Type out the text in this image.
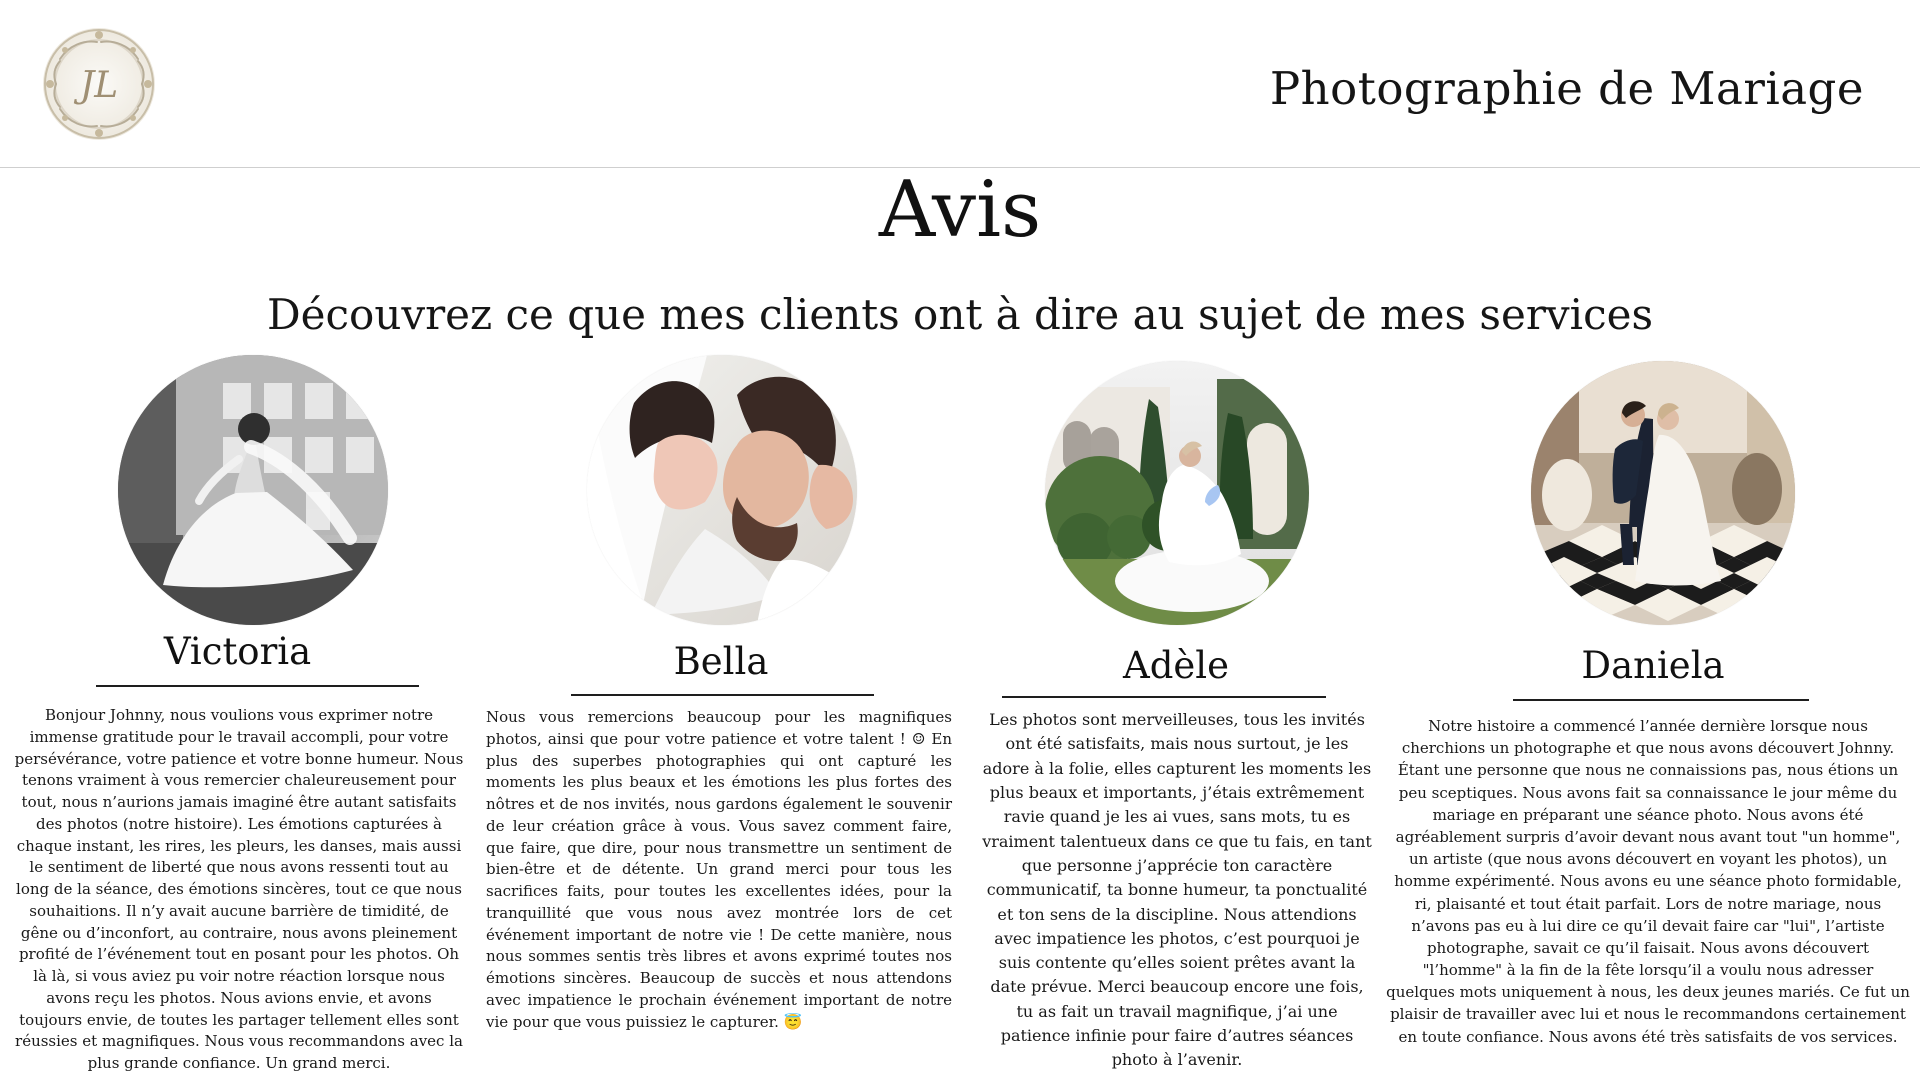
JL	Photographie de Mariage
Avis
Découvrez ce que mes clients ont à dire au sujet de mes services
Victoria

Bonjour Johnny, nous voulions vous exprimer notre immense gratitude pour le travail accompli, pour votre persévérance, votre patience et votre bonne humeur. Nous tenons vraiment à vous remercier chaleureusement pour tout, nous n’aurions jamais imaginé être autant satisfaits des photos (notre histoire). Les émotions capturées à chaque instant, les rires, les pleurs, les danses, mais aussi le sentiment de liberté que nous avons ressenti tout au long de la séance, des émotions sincères, tout ce que nous souhaitions. Il n’y avait aucune barrière de timidité, de gêne ou d’inconfort, au contraire, nous avons pleinement profité de l’événement tout en posant pour les photos. Oh là là, si vous aviez pu voir notre réaction lorsque nous avons reçu les photos. Nous avions envie, et avons toujours envie, de toutes les partager tellement elles sont réussies et magnifiques. Nous vous recommandons avec la plus grande confiance. Un grand merci.

Bella

Nous vous remercions beaucoup pour les magnifiques photos, ainsi que pour votre patience et votre talent ! ☺ En plus des superbes photographies qui ont capturé les moments les plus beaux et les émotions les plus fortes des nôtres et de nos invités, nous gardons également le souvenir de leur création grâce à vous. Vous savez comment faire, que faire, que dire, pour nous transmettre un sentiment de bien-être et de détente. Un grand merci pour tous les sacrifices faits, pour toutes les excellentes idées, pour la tranquillité que vous nous avez montrée lors de cet événement important de notre vie ! De cette manière, nous nous sommes sentis très libres et avons exprimé toutes nos émotions sincères. Beaucoup de succès et nous attendons avec impatience le prochain événement important de notre vie pour que vous puissiez le capturer. 😇

Adèle

Les photos sont merveilleuses, tous les invités ont été satisfaits, mais nous surtout, je les adore à la folie, elles capturent les moments les plus beaux et importants, j’étais extrêmement ravie quand je les ai vues, sans mots, tu es vraiment talentueux dans ce que tu fais, en tant que personne j’apprécie ton caractère communicatif, ta bonne humeur, ta ponctualité et ton sens de la discipline. Nous attendions avec impatience les photos, c’est pourquoi je suis contente qu’elles soient prêtes avant la date prévue. Merci beaucoup encore une fois, tu as fait un travail magnifique, j’ai une patience infinie pour faire d’autres séances photo à l’avenir.

Daniela

Notre histoire a commencé l’année dernière lorsque nous cherchions un photographe et que nous avons découvert Johnny. Étant une personne que nous ne connaissions pas, nous étions un peu sceptiques. Nous avons fait sa connaissance le jour même du mariage en préparant une séance photo. Nous avons été agréablement surpris d’avoir devant nous avant tout "un homme", un artiste (que nous avons découvert en voyant les photos), un homme expérimenté. Nous avons eu une séance photo formidable, ri, plaisanté et tout était parfait. Lors de notre mariage, nous n’avons pas eu à lui dire ce qu’il devait faire car "lui", l’artiste photographe, savait ce qu’il faisait. Nous avons découvert "l’homme" à la fin de la fête lorsqu’il a voulu nous adresser quelques mots uniquement à nous, les deux jeunes mariés. Ce fut un plaisir de travailler avec lui et nous le recommandons certainement en toute confiance. Nous avons été très satisfaits de vos services.
